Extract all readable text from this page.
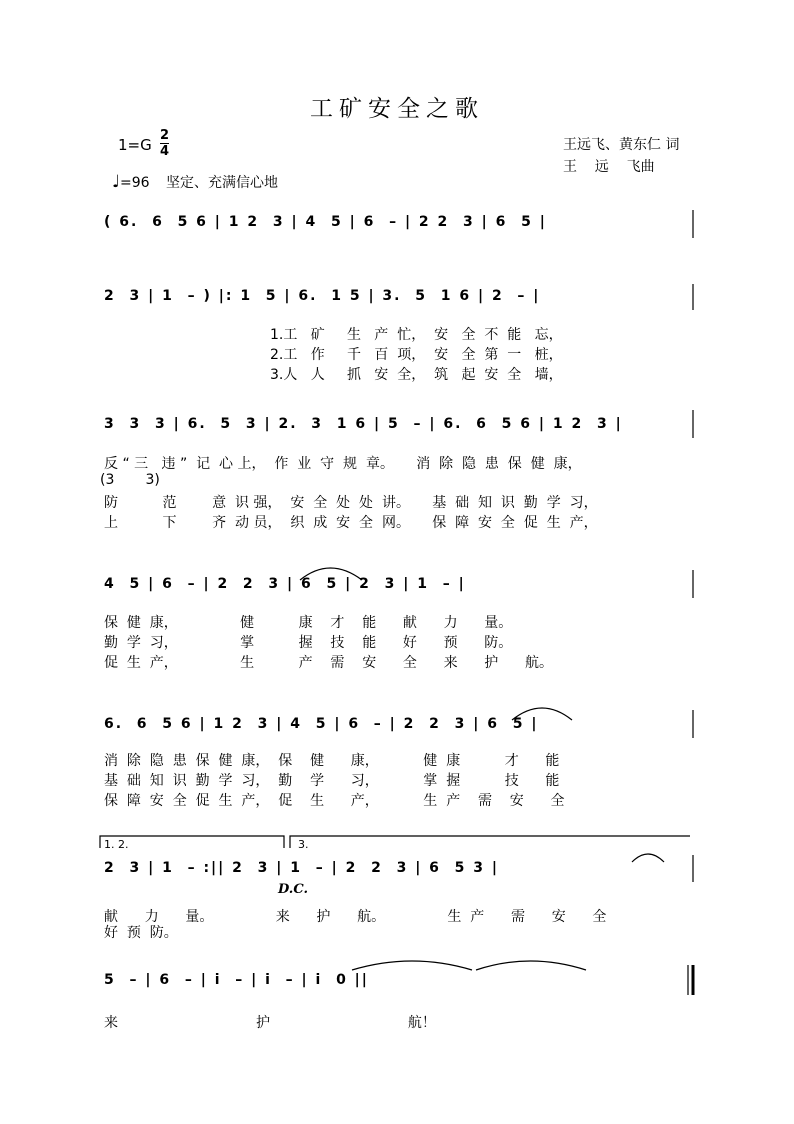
工矿安全之歌
1=G
2
4
♩=96 坚定、充满信心地
王远飞、黄东仁 词
王    远    飞曲
( 6.  6  5 6 | 1 2  3 | 4  5 | 6  – | 2 2  3 | 6  5 |
2  3 | 1  – ) |: 1  5 | 6.  1 5 | 3.  5  1 6 | 2  – |
1.工   矿     生   产  忙，  安   全  不  能   忘，
2.工   作     千   百  项，  安   全  第  一   桩，
3.人   人     抓   安  全，  筑   起  安  全   墙，
3  3  3 | 6.  5  3 | 2.  3  1 6 | 5  – | 6.  6  5 6 | 1 2  3 |
反 “ 三   违 ”  记  心 上，  作  业  守  规  章。     消  除  隐  患  保  健  康，
(3       3)
防          范        意  识 强，  安  全  处  处  讲。     基  础  知  识  勤  学  习，
上          下        齐  动 员，  织  成  安  全  网。     保  障  安  全  促  生  产，
4  5 | 6  – | 2  2  3 | 6  5 | 2  3 | 1  – |
保  健  康，              健          康    才    能      献      力      量。
勤  学  习，              掌          握    技    能      好      预      防。
促  生  产，              生          产    需    安      全      来      护      航。
6.  6  5 6 | 1 2  3 | 4  5 | 6  – | 2  2  3 | 6  5 |
消  除  隐  患  保  健  康，  保    健      康，          健  康          才      能
基  础  知  识  勤  学  习，  勤    学      习，          掌  握          技      能
保  障  安  全  促  生  产，  促    生      产，          生  产    需    安      全
1. 2.	3.
2  3 | 1  – :|| 2  3 | 1  – | 2  2  3 | 6  5 3 |
D.C.
献      力      量。              来      护      航。              生  产      需      安      全
好  预  防。
5  – | 6  – | i  – | i  – | i  0 ||
来                               护                               航！
